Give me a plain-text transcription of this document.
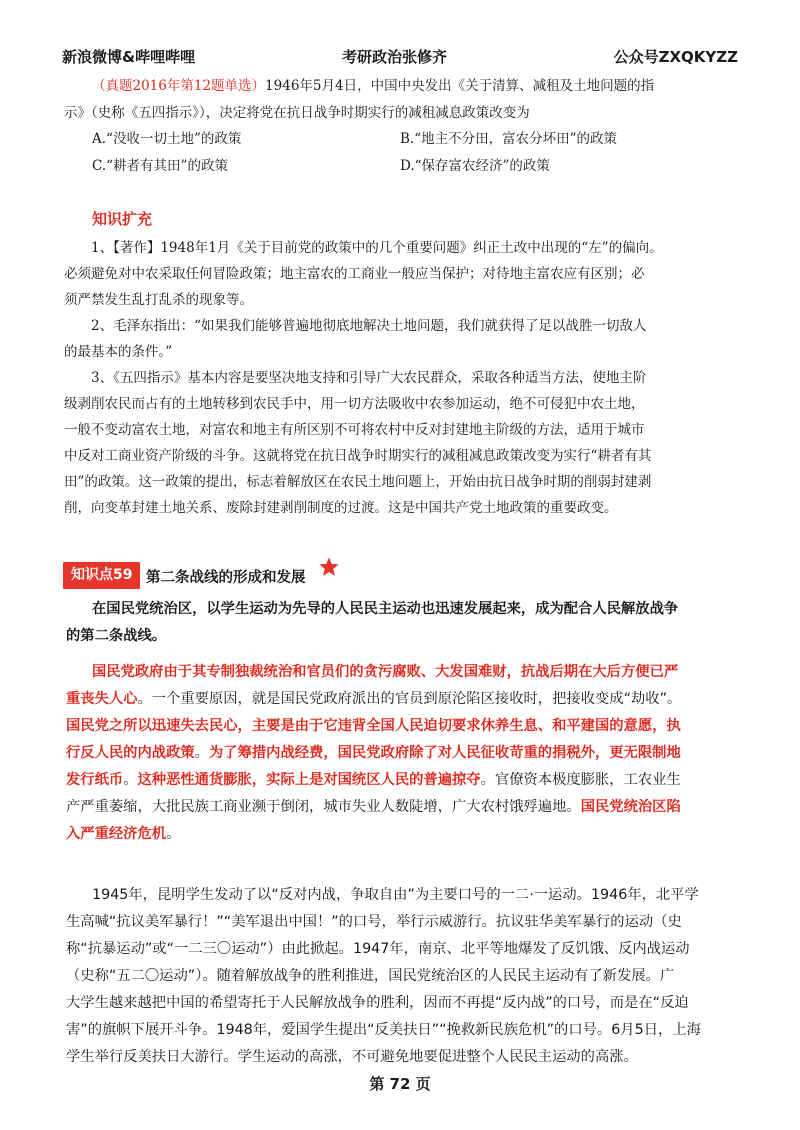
新浪微博&哔哩哔哩	考研政治张修齐	公众号ZXQKYZZ
（真题2016年第12题单选）1946年5月4日，中国中央发出《关于清算、减租及土地问题的指
示》（史称《五四指示》），决定将党在抗日战争时期实行的减租减息政策改变为
A.“没收一切土地”的政策	B.“地主不分田，富农分坏田”的政策
C.“耕者有其田”的政策	D.“保存富农经济”的政策
知识扩充
　　1、【著作】1948年1月《关于目前党的政策中的几个重要问题》纠正土改中出现的“左”的偏向。
必须避免对中农采取任何冒险政策；地主富农的工商业一般应当保护；对待地主富农应有区别；必
须严禁发生乱打乱杀的现象等。
　　2、毛泽东指出：“如果我们能够普遍地彻底地解决土地问题，我们就获得了足以战胜一切敌人
的最基本的条件。”
　　3、《五四指示》基本内容是要坚决地支持和引导广大农民群众，采取各种适当方法，使地主阶
级剥削农民而占有的土地转移到农民手中，用一切方法吸收中农参加运动，绝不可侵犯中农土地，
一般不变动富农土地，对富农和地主有所区别不可将农村中反对封建地主阶级的方法，适用于城市
中反对工商业资产阶级的斗争。这就将党在抗日战争时期实行的减租减息政策改变为实行“耕者有其
田”的政策。这一政策的提出，标志着解放区在农民土地问题上，开始由抗日战争时期的削弱封建剥
削，向变革封建土地关系、废除封建剥削制度的过渡。这是中国共产党土地政策的重要政变。
知识点59 第二条战线的形成和发展
在国民党统治区，以学生运动为先导的人民民主运动也迅速发展起来，成为配合人民解放战争
的第二条战线。
国民党政府由于其专制独裁统治和官员们的贪污腐败、大发国难财，抗战后期在大后方便已严
重丧失人心。一个重要原因，就是国民党政府派出的官员到原沦陷区接收时，把接收变成“劫收”。
国民党之所以迅速失去民心，主要是由于它违背全国人民迫切要求休养生息、和平建国的意愿，执
行反人民的内战政策。为了筹措内战经费，国民党政府除了对人民征收苛重的捐税外，更无限制地
发行纸币。这种恶性通货膨胀，实际上是对国统区人民的普遍掠夺。官僚资本极度膨胀，工农业生
产严重萎缩，大批民族工商业濒于倒闭，城市失业人数陡增，广大农村饿殍遍地。国民党统治区陷
入严重经济危机。
1945年，昆明学生发动了以“反对内战，争取自由”为主要口号的一二·一运动。1946年，北平学
生高喊“抗议美军暴行！”“美军退出中国！”的口号，举行示威游行。抗议驻华美军暴行的运动（史
称“抗暴运动”或“一二三〇运动”）由此掀起。1947年，南京、北平等地爆发了反饥饿、反内战运动
（史称“五二〇运动”）。随着解放战争的胜利推进，国民党统治区的人民民主运动有了新发展。广
大学生越来越把中国的希望寄托于人民解放战争的胜利，因而不再提“反内战”的口号，而是在“反迫
害”的旗帜下展开斗争。1948年，爱国学生提出“反美扶日”“挽救新民族危机”的口号。6月5日，上海
学生举行反美扶日大游行。学生运动的高涨，不可避免地要促进整个人民民主运动的高涨。
第 72 页
